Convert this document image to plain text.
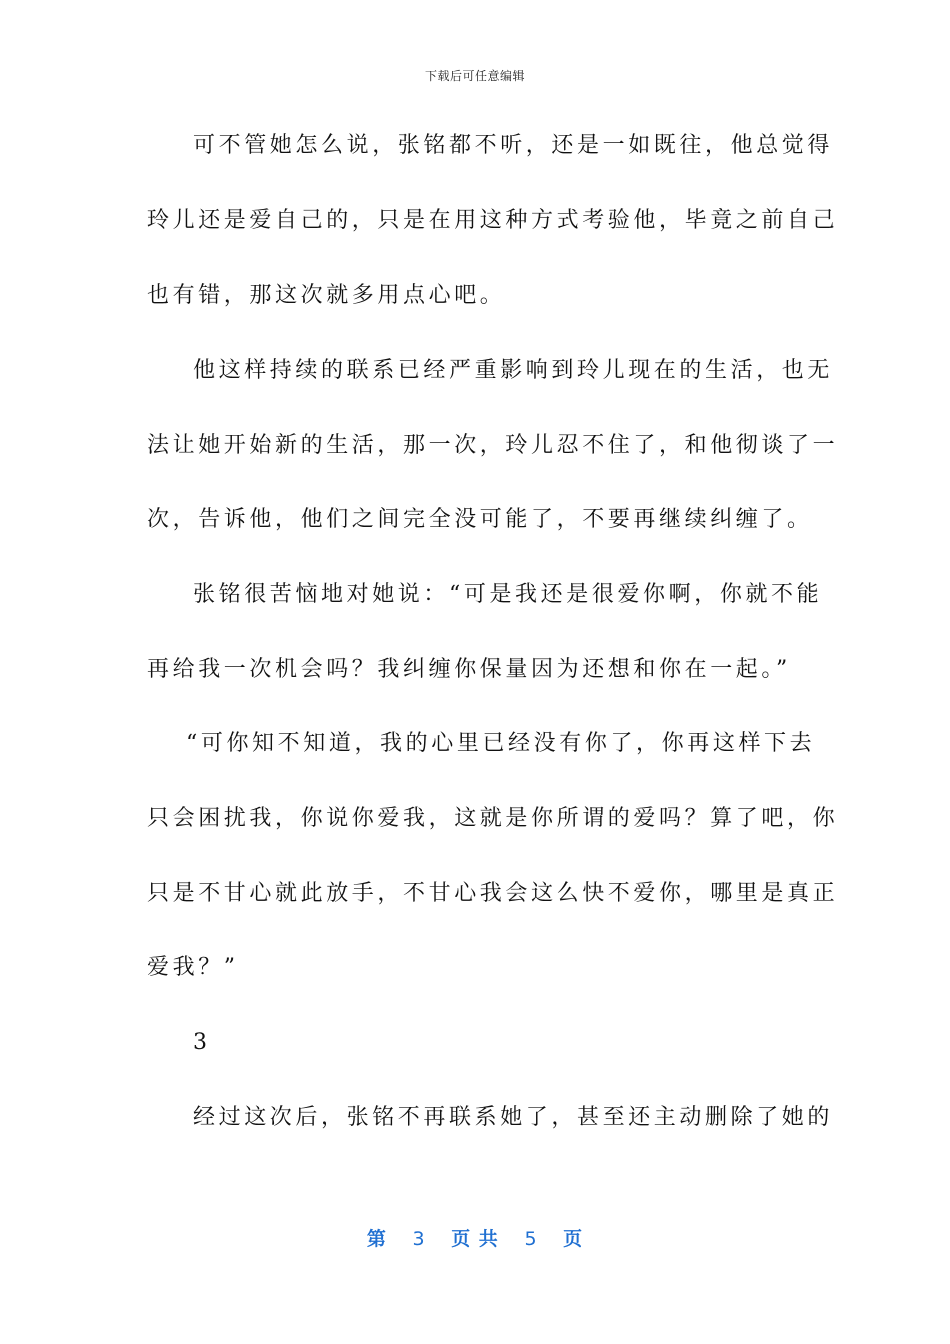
下载后可任意编辑
可不管她怎么说，张铭都不听，还是一如既往，他总觉得
玲儿还是爱自己的，只是在用这种方式考验他，毕竟之前自己
也有错，那这次就多用点心吧。
他这样持续的联系已经严重影响到玲儿现在的生活，也无
法让她开始新的生活，那一次，玲儿忍不住了，和他彻谈了一
次，告诉他，他们之间完全没可能了，不要再继续纠缠了。
张铭很苦恼地对她说：“可是我还是很爱你啊，你就不能
再给我一次机会吗？我纠缠你保量因为还想和你在一起。”
“可你知不知道，我的心里已经没有你了，你再这样下去
只会困扰我，你说你爱我，这就是你所谓的爱吗？算了吧，你
只是不甘心就此放手，不甘心我会这么快不爱你，哪里是真正
爱我？”
3
经过这次后，张铭不再联系她了，甚至还主动删除了她的
第 3 页 共 5 页
